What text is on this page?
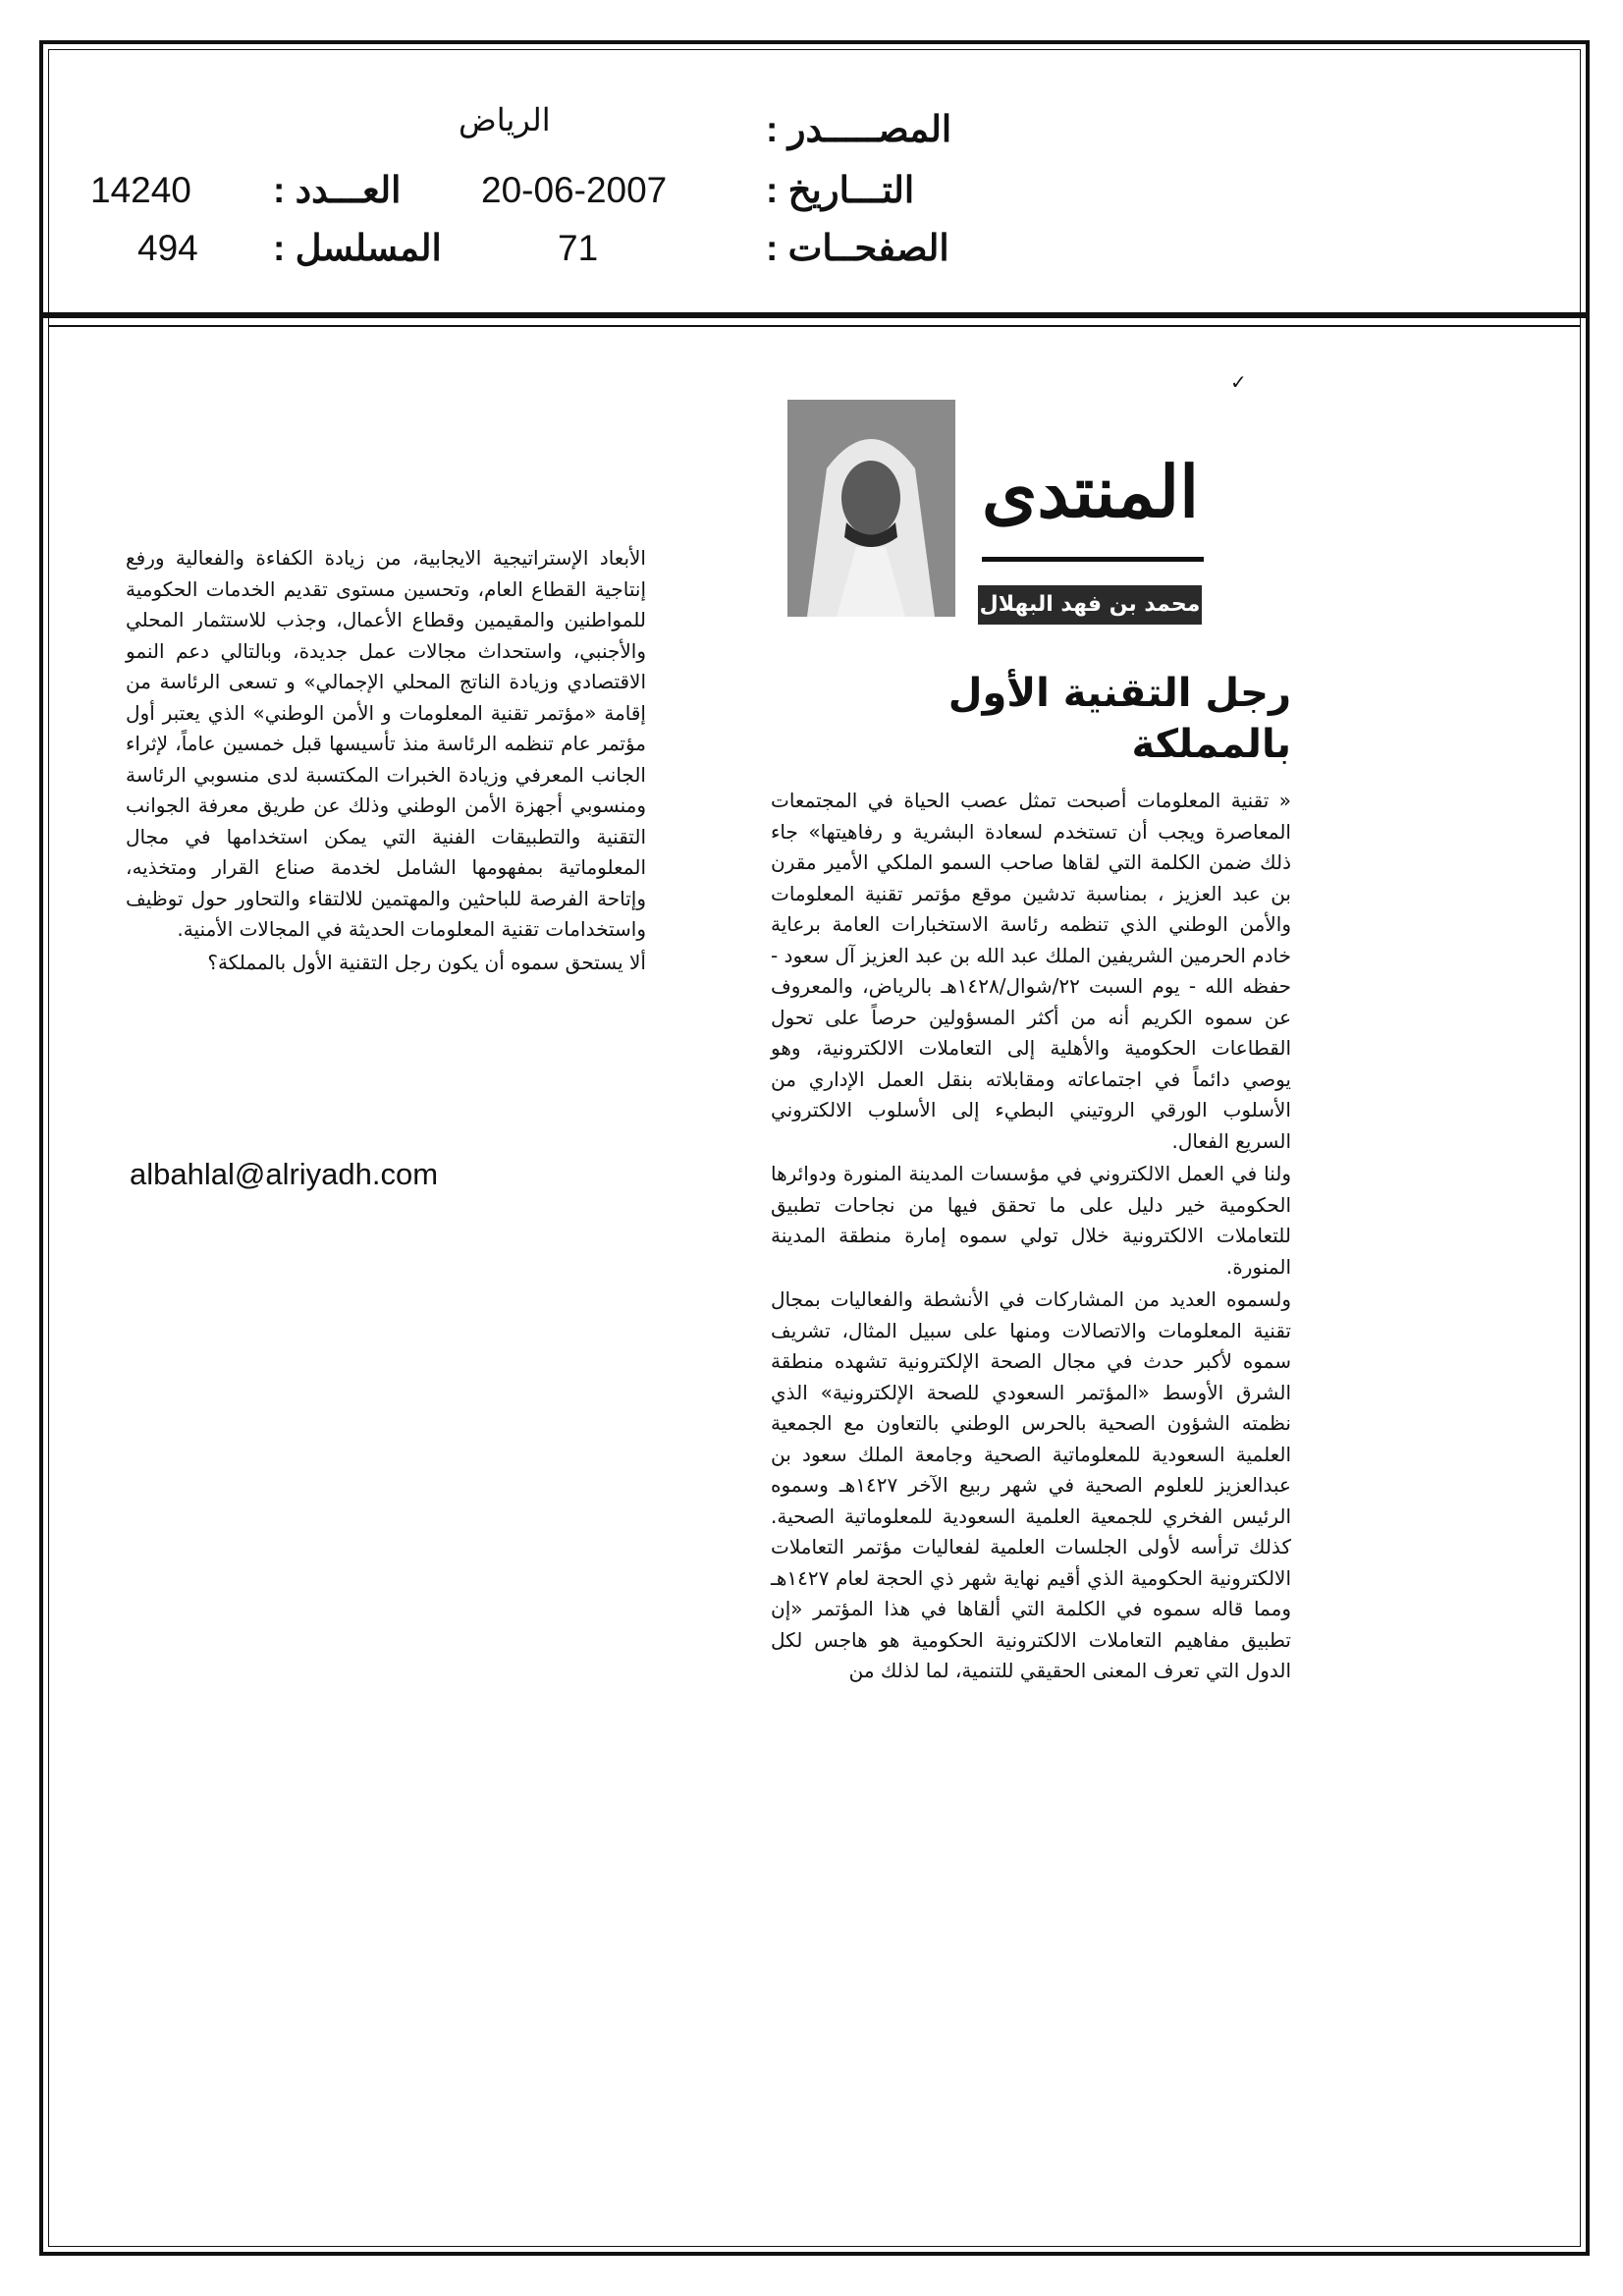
المصـــــدر :
الرياض
التـــاريخ :
20-06-2007
العـــدد :
14240
الصفحــات :
71
المسلسل :
494
✓
المنتدى
محمد بن فهد البهلال
رجل التقنية الأول بالمملكة

« تقنية المعلومات أصبحت تمثل عصب الحياة في المجتمعات المعاصرة ويجب أن تستخدم لسعادة البشرية و رفاهيتها» جاء ذلك ضمن الكلمة التي لقاها صاحب السمو الملكي الأمير مقرن بن عبد العزيز ، بمناسبة تدشين موقع مؤتمر تقنية المعلومات والأمن الوطني الذي تنظمه رئاسة الاستخبارات العامة برعاية خادم الحرمين الشريفين الملك عبد الله بن عبد العزيز آل سعود - حفظه الله - يوم السبت ٢٢/شوال/١٤٢٨هـ بالرياض، والمعروف عن سموه الكريم أنه من أكثر المسؤولين حرصاً على تحول القطاعات الحكومية والأهلية إلى التعاملات الالكترونية، وهو يوصي دائماً في اجتماعاته ومقابلاته بنقل العمل الإداري من الأسلوب الورقي الروتيني البطيء إلى الأسلوب الالكتروني السريع الفعال.

ولنا في العمل الالكتروني في مؤسسات المدينة المنورة ودوائرها الحكومية خير دليل على ما تحقق فيها من نجاحات تطبيق للتعاملات الالكترونية خلال تولي سموه إمارة منطقة المدينة المنورة.

ولسموه العديد من المشاركات في الأنشطة والفعاليات بمجال تقنية المعلومات والاتصالات ومنها على سبيل المثال، تشريف سموه لأكبر حدث في مجال الصحة الإلكترونية تشهده منطقة الشرق الأوسط «المؤتمر السعودي للصحة الإلكترونية» الذي نظمته الشؤون الصحية بالحرس الوطني بالتعاون مع الجمعية العلمية السعودية للمعلوماتية الصحية وجامعة الملك سعود بن عبدالعزيز للعلوم الصحية في شهر ربيع الآخر ١٤٢٧هـ وسموه الرئيس الفخري للجمعية العلمية السعودية للمعلوماتية الصحية. كذلك ترأسه لأولى الجلسات العلمية لفعاليات مؤتمر التعاملات الالكترونية الحكومية الذي أقيم نهاية شهر ذي الحجة لعام ١٤٢٧هـ ومما قاله سموه في الكلمة التي ألقاها في هذا المؤتمر «إن تطبيق مفاهيم التعاملات الالكترونية الحكومية هو هاجس لكل الدول التي تعرف المعنى الحقيقي للتنمية، لما لذلك من

الأبعاد الإستراتيجية الايجابية، من زيادة الكفاءة والفعالية ورفع إنتاجية القطاع العام، وتحسين مستوى تقديم الخدمات الحكومية للمواطنين والمقيمين وقطاع الأعمال، وجذب للاستثمار المحلي والأجنبي، واستحداث مجالات عمل جديدة، وبالتالي دعم النمو الاقتصادي وزيادة الناتج المحلي الإجمالي» و تسعى الرئاسة من إقامة «مؤتمر تقنية المعلومات و الأمن الوطني» الذي يعتبر أول مؤتمر عام تنظمه الرئاسة منذ تأسيسها قبل خمسين عاماً، لإثراء الجانب المعرفي وزيادة الخبرات المكتسبة لدى منسوبي الرئاسة ومنسوبي أجهزة الأمن الوطني وذلك عن طريق معرفة الجوانب التقنية والتطبيقات الفنية التي يمكن استخدامها في مجال المعلوماتية بمفهومها الشامل لخدمة صناع القرار ومتخذيه، وإتاحة الفرصة للباحثين والمهتمين للالتقاء والتحاور حول توظيف واستخدامات تقنية المعلومات الحديثة في المجالات الأمنية.

ألا يستحق سموه أن يكون رجل التقنية الأول بالمملكة؟

albahlal@alriyadh.com
